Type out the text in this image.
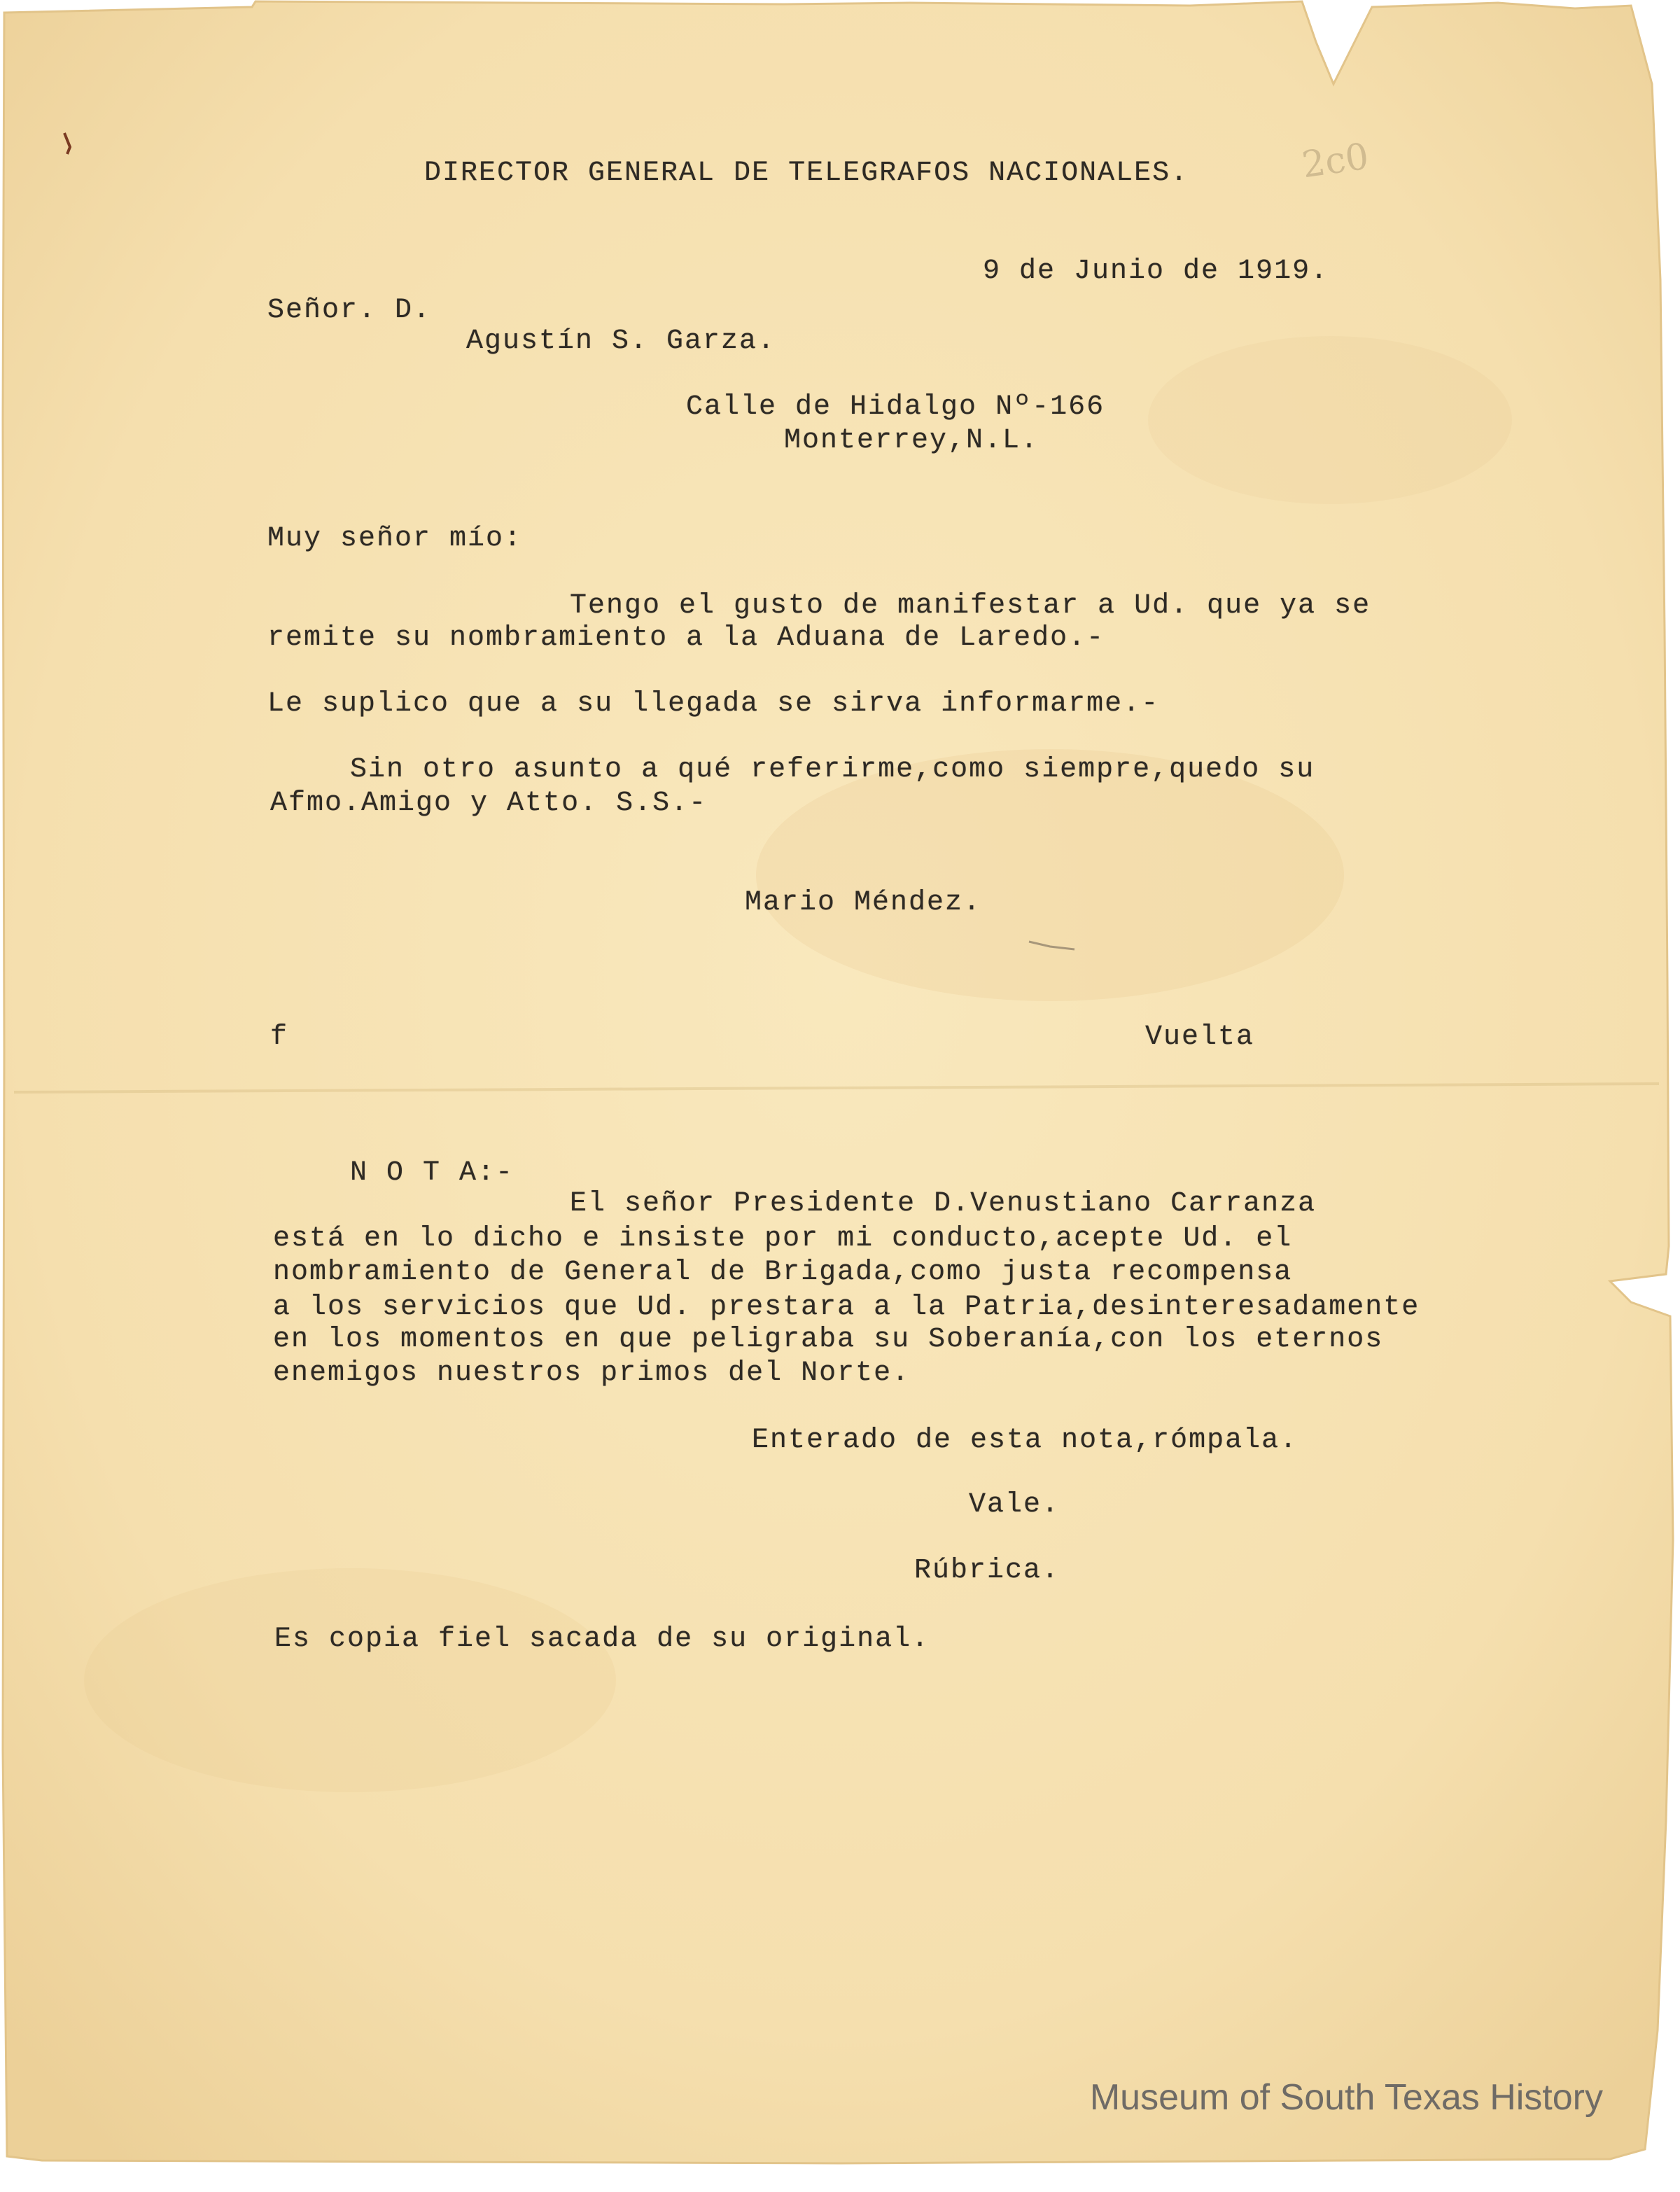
2c0
DIRECTOR GENERAL DE TELEGRAFOS NACIONALES.
9 de Junio de 1919.
Señor. D.
Agustín S. Garza.
Calle de Hidalgo Nº-166
Monterrey,N.L.
Muy señor mío:
Tengo el gusto de manifestar a Ud. que ya se
remite su nombramiento a la Aduana de Laredo.-
Le suplico que a su llegada se sirva informarme.-
Sin otro asunto a qué referirme,como siempre,quedo su
Afmo.Amigo y Atto. S.S.-
Mario Méndez.
f	Vuelta
N O T A:-
El señor Presidente D.Venustiano Carranza
está en lo dicho e insiste por mi conducto,acepte Ud. el
nombramiento de General de Brigada,como justa recompensa
a los servicios que Ud. prestara a la Patria,desinteresadamente
en los momentos en que peligraba su Soberanía,con los eternos
enemigos nuestros primos del Norte.
Enterado de esta nota,rómpala.
Vale.
Rúbrica.
Es copia fiel sacada de su original.
Museum of South Texas History
